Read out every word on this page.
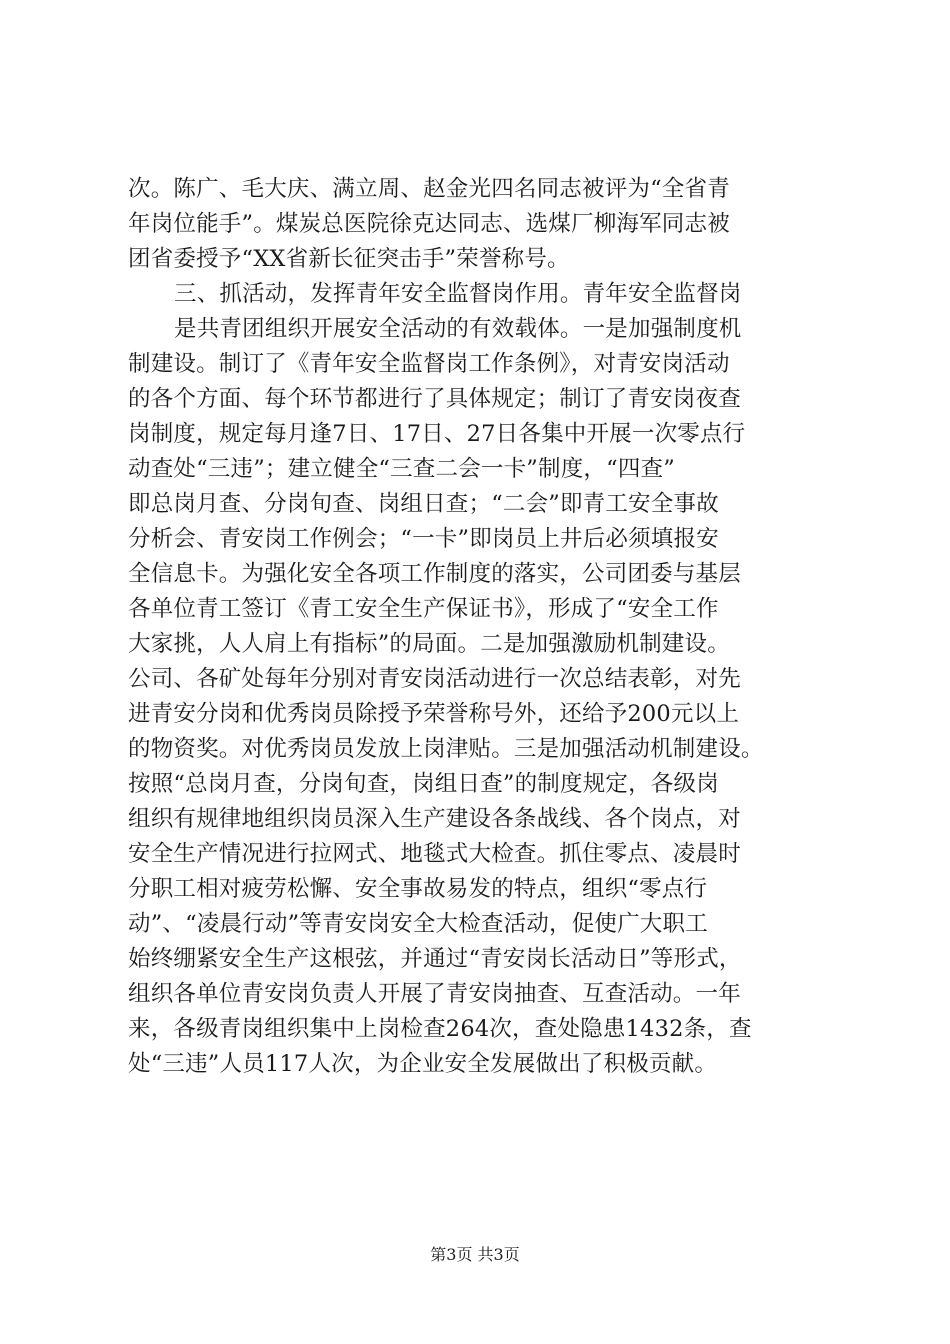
次。陈广、毛大庆、满立周、赵金光四名同志被评为“全省青
年岗位能手”。煤炭总医院徐克达同志、选煤厂柳海军同志被
团省委授予“XX省新长征突击手”荣誉称号。
三、抓活动，发挥青年安全监督岗作用。青年安全监督岗
是共青团组织开展安全活动的有效载体。一是加强制度机
制建设。制订了《青年安全监督岗工作条例》，对青安岗活动
的各个方面、每个环节都进行了具体规定；制订了青安岗夜查
岗制度，规定每月逢7日、17日、27日各集中开展一次零点行
动查处“三违”；建立健全“三查二会一卡”制度，“四查”
即总岗月查、分岗旬查、岗组日查；“二会”即青工安全事故
分析会、青安岗工作例会；“一卡”即岗员上井后必须填报安
全信息卡。为强化安全各项工作制度的落实，公司团委与基层
各单位青工签订《青工安全生产保证书》，形成了“安全工作
大家挑，人人肩上有指标”的局面。二是加强激励机制建设。
公司、各矿处每年分别对青安岗活动进行一次总结表彰，对先
进青安分岗和优秀岗员除授予荣誉称号外，还给予200元以上
的物资奖。对优秀岗员发放上岗津贴。三是加强活动机制建设。
按照“总岗月查，分岗旬查，岗组日查”的制度规定，各级岗
组织有规律地组织岗员深入生产建设各条战线、各个岗点，对
安全生产情况进行拉网式、地毯式大检查。抓住零点、凌晨时
分职工相对疲劳松懈、安全事故易发的特点，组织“零点行
动”、“凌晨行动”等青安岗安全大检查活动，促使广大职工
始终绷紧安全生产这根弦，并通过“青安岗长活动日”等形式，
组织各单位青安岗负责人开展了青安岗抽查、互查活动。一年
来，各级青岗组织集中上岗检查264次，查处隐患1432条，查
处“三违”人员117人次，为企业安全发展做出了积极贡献。
第3页 共3页
